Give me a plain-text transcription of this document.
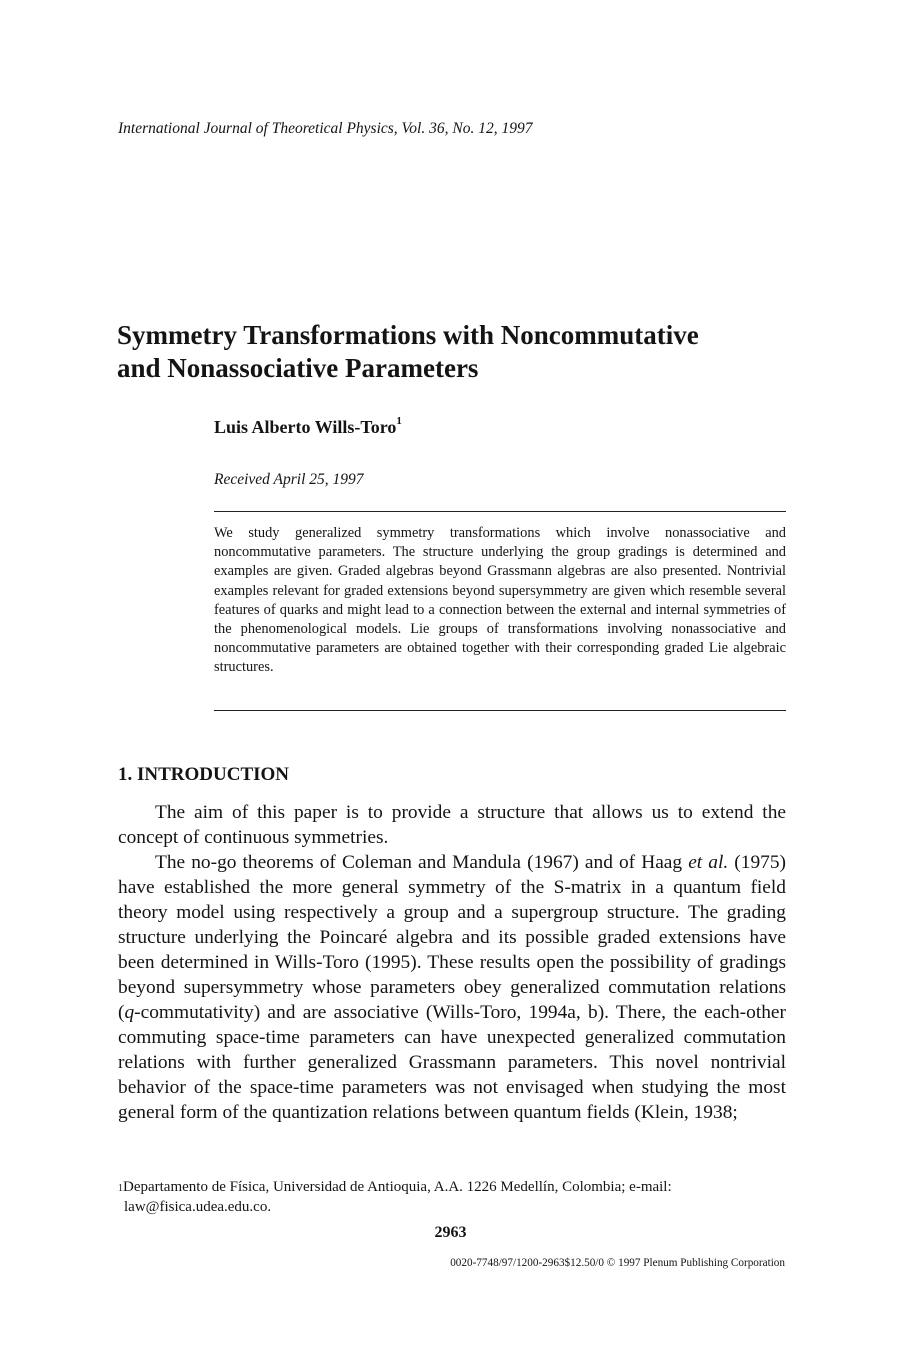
International Journal of Theoretical Physics, Vol. 36, No. 12, 1997
Symmetry Transformations with Noncommutative
and Nonassociative Parameters
Luis Alberto Wills-Toro$^1$
Received April 25, 1997
We study generalized symmetry transformations which involve nonassociative and noncommutative parameters. The structure underlying the group gradings is determined and examples are given. Graded algebras beyond Grassmann algebras are also presented. Nontrivial examples relevant for graded extensions beyond supersymmetry are given which resemble several features of quarks and might lead to a connection between the external and internal symmetries of the phenomenological models. Lie groups of transformations involving nonassociative and noncommutative parameters are obtained together with their corresponding graded Lie algebraic structures.
1. INTRODUCTION

The aim of this paper is to provide a structure that allows us to extend the concept of continuous symmetries.

The no-go theorems of Coleman and Mandula (1967) and of Haag et al. (1975) have established the more general symmetry of the S-matrix in a quantum field theory model using respectively a group and a supergroup structure. The grading structure underlying the Poincaré algebra and its possible graded extensions have been determined in Wills-Toro (1995). These results open the possibility of gradings beyond supersymmetry whose parameters obey generalized commutation relations (q-commutativity) and are associative (Wills-Toro, 1994a, b). There, the each-other commuting space-time parameters can have unexpected generalized commutation relations with further generalized Grassmann parameters. This novel nontrivial behavior of the space-time parameters was not envisaged when studying the most general form of the quantization relations between quantum fields (Klein, 1938;

$^1$Departamento de Física, Universidad de Antioquia, A.A. 1226 Medellín, Colombia; e-mail:
law@fisica.udea.edu.co.
2963
0020-7748/97/1200-2963$12.50/0 © 1997 Plenum Publishing Corporation
